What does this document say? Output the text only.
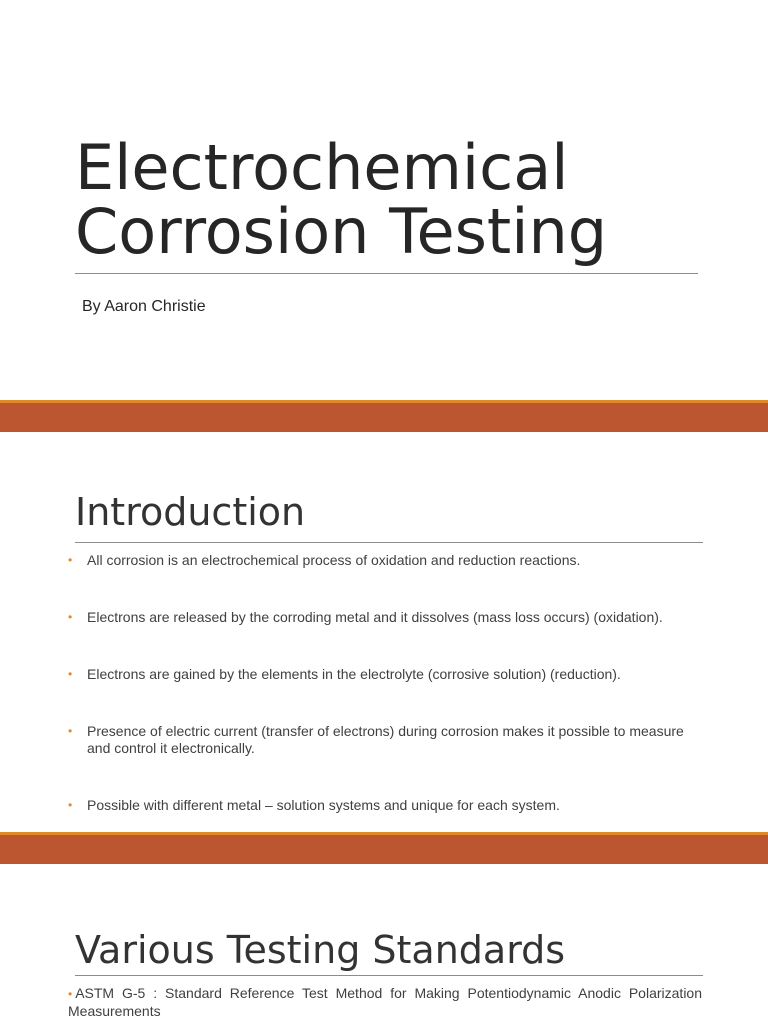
Electrochemical
Corrosion Testing

By Aaron Christie

Introduction
• All corrosion is an electrochemical process of oxidation and reduction reactions.
• Electrons are released by the corroding metal and it dissolves (mass loss occurs) (oxidation).
• Electrons are gained by the elements in the electrolyte (corrosive solution) (reduction).
• Presence of electric current (transfer of electrons) during corrosion makes it possible to measure and control it electronically.
• Possible with different metal – solution systems and unique for each system.
Various Testing Standards
• ASTM G-5 : Standard Reference Test Method for Making Potentiodynamic Anodic Polarization Measurements
